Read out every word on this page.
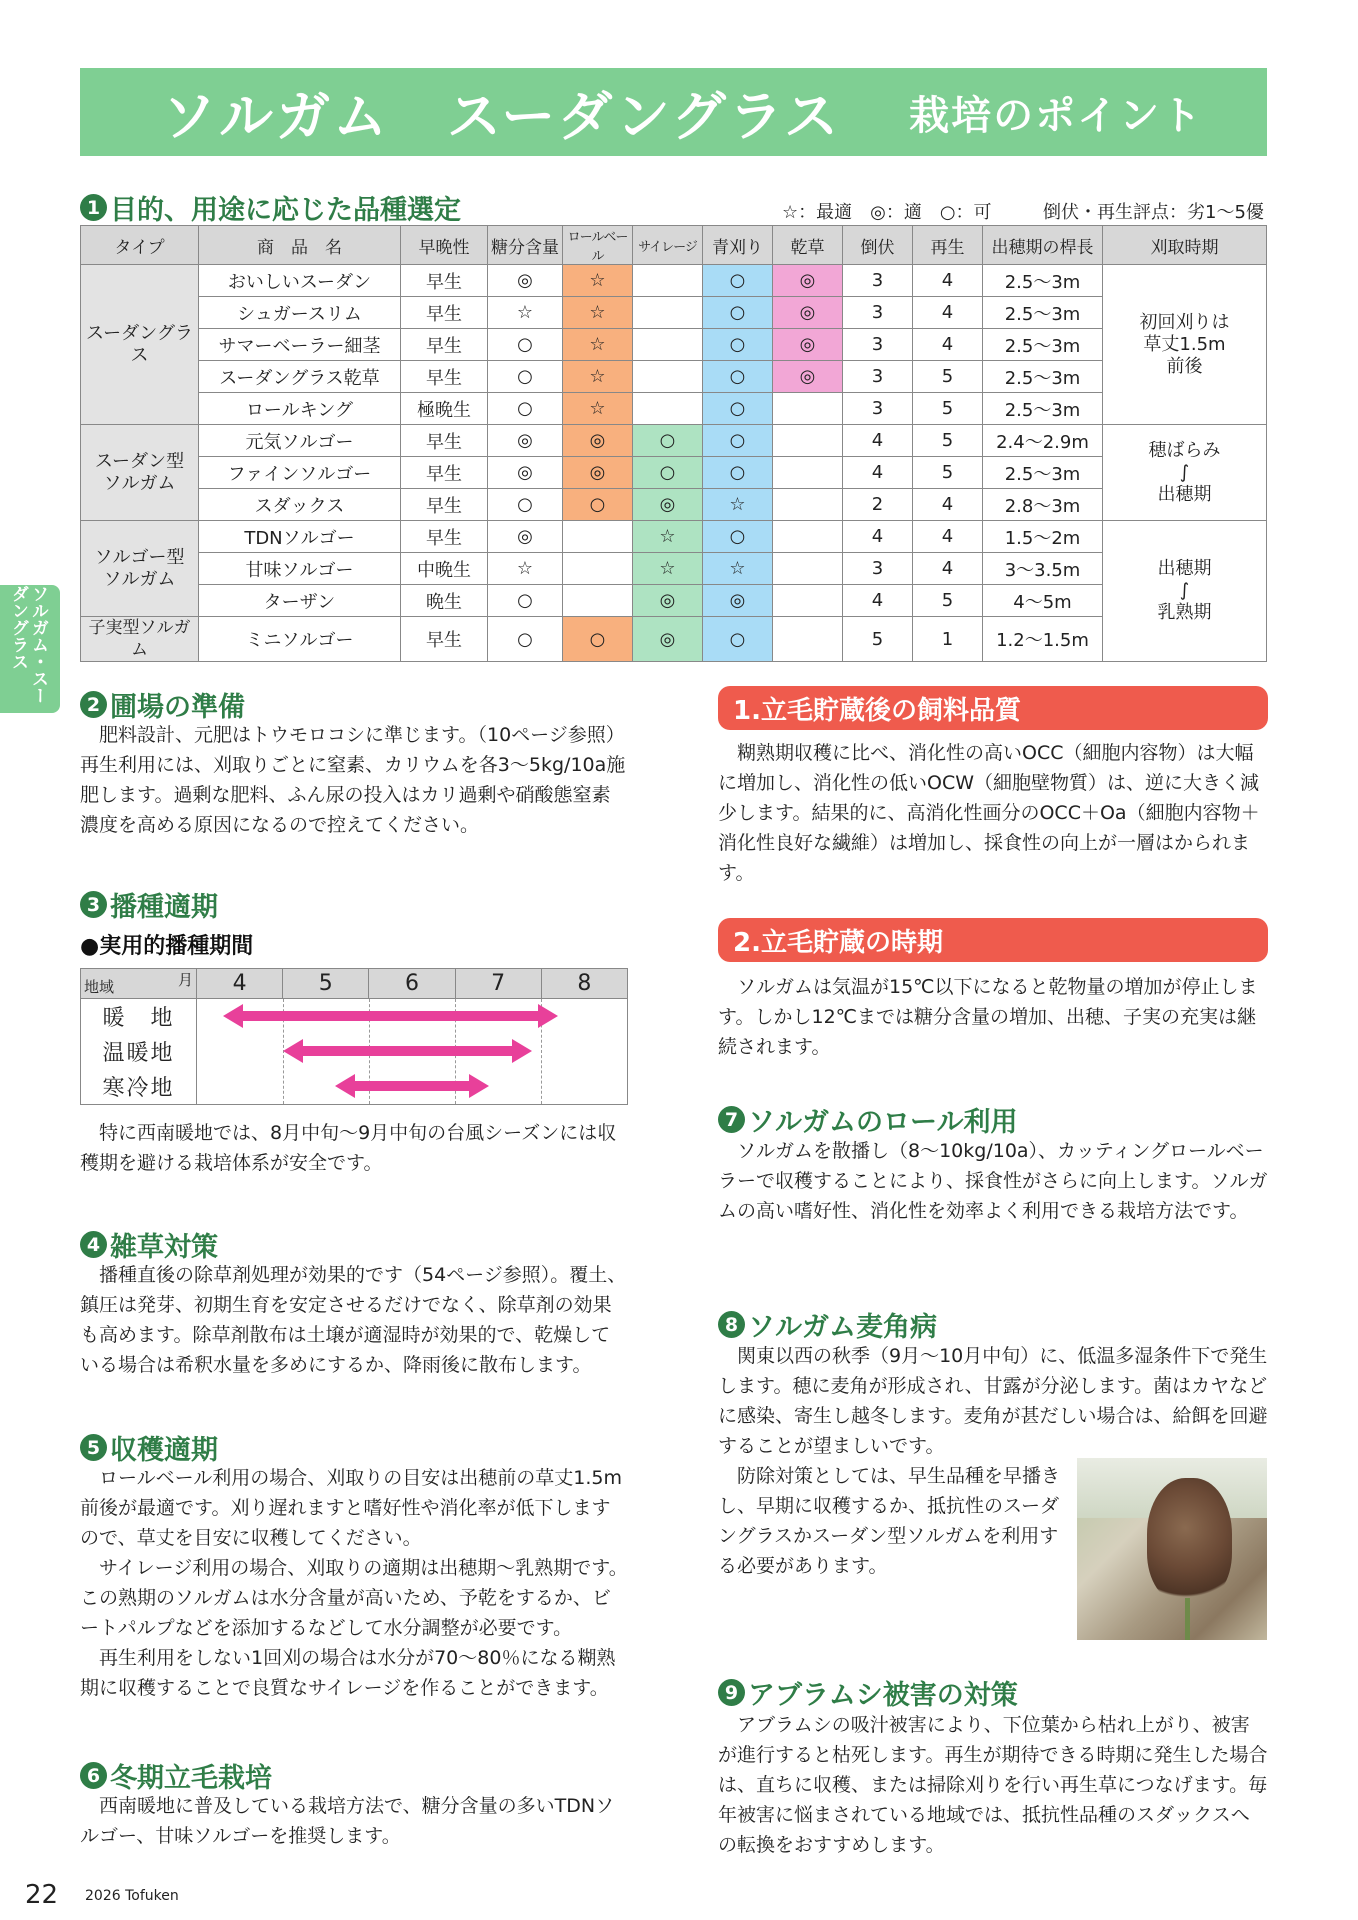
ソルガム　スーダングラス 栽培のポイント
ソルガム・スーダングラス
1 目的、用途に応じた品種選定	☆：最適　◎：適　○：可	倒伏・再生評点：劣1～5優
タイプ	商　品　名	早晩性	糖分含量	ロールベール	サイレージ	青刈り	乾草	倒伏	再生	出穂期の桿長	刈取時期
スーダングラス	おいしいスーダン	早生	◎	☆		○	◎	3	4	2.5～3m	初回刈りは
草丈1.5m
前後
	シュガースリム	早生	☆	☆		○	◎	3	4	2.5～3m	
	サマーベーラー細茎	早生	○	☆		○	◎	3	4	2.5～3m	
	スーダングラス乾草	早生	○	☆		○	◎	3	5	2.5～3m	
	ロールキング	極晩生	○	☆		○		3	5	2.5～3m	
スーダン型
ソルガム	元気ソルゴー	早生	◎	◎	○	○		4	5	2.4～2.9m	穂ばらみ
∫
出穂期
	ファインソルゴー	早生	◎	◎	○	○		4	5	2.5～3m	
	スダックス	早生	○	○	◎	☆		2	4	2.8～3m	
ソルゴー型
ソルガム	TDNソルゴー	早生	◎		☆	○		4	4	1.5～2m	出穂期
∫
乳熟期
	甘味ソルゴー	中晩生	☆		☆	☆		3	4	3～3.5m	
	ターザン	晩生	○		◎	◎		4	5	4～5m	
子実型ソルガム	ミニソルゴー	早生	○	○	◎	○		5	1	1.2～1.5m	
2 圃場の準備
　肥料設計、元肥はトウモロコシに準じます。（10ページ参照）再生利用には、刈取りごとに窒素、カリウムを各3～5kg/10a施肥します。過剰な肥料、ふん尿の投入はカリ過剰や硝酸態窒素濃度を高める原因になるので控えてください。
3 播種適期
●実用的播種期間
地域 月	4	5	6	7	8
暖　地					

温暖地					
寒冷地					
　特に西南暖地では、8月中旬～9月中旬の台風シーズンには収穫期を避ける栽培体系が安全です。
4 雑草対策
　播種直後の除草剤処理が効果的です（54ページ参照）。覆土、鎮圧は発芽、初期生育を安定させるだけでなく、除草剤の効果も高めます。除草剤散布は土壌が適湿時が効果的で、乾燥している場合は希釈水量を多めにするか、降雨後に散布します。
5 収穫適期
　ロールベール利用の場合、刈取りの目安は出穂前の草丈1.5m前後が最適です。刈り遅れますと嗜好性や消化率が低下しますので、草丈を目安に収穫してください。
　サイレージ利用の場合、刈取りの適期は出穂期～乳熟期です。この熟期のソルガムは水分含量が高いため、予乾をするか、ビートパルプなどを添加するなどして水分調整が必要です。
　再生利用をしない1回刈の場合は水分が70～80％になる糊熟期に収穫することで良質なサイレージを作ることができます。
6 冬期立毛栽培
　西南暖地に普及している栽培方法で、糖分含量の多いTDNソルゴー、甘味ソルゴーを推奨します。
1.立毛貯蔵後の飼料品質
　糊熟期収穫に比べ、消化性の高いOCC（細胞内容物）は大幅に増加し、消化性の低いOCW（細胞壁物質）は、逆に大きく減少します。結果的に、高消化性画分のOCC＋Oa（細胞内容物＋消化性良好な繊維）は増加し、採食性の向上が一層はかられます。
2.立毛貯蔵の時期
　ソルガムは気温が15℃以下になると乾物量の増加が停止します。しかし12℃までは糖分含量の増加、出穂、子実の充実は継続されます。
7 ソルガムのロール利用
　ソルガムを散播し（8～10kg/10a）、カッティングロールベーラーで収穫することにより、採食性がさらに向上します。ソルガムの高い嗜好性、消化性を効率よく利用できる栽培方法です。
8 ソルガム麦角病
　関東以西の秋季（9月～10月中旬）に、低温多湿条件下で発生します。穂に麦角が形成され、甘露が分泌します。菌はカヤなどに感染、寄生し越冬します。麦角が甚だしい場合は、給餌を回避することが望ましいです。
　防除対策としては、早生品種を早播きし、早期に収穫するか、抵抗性のスーダングラスかスーダン型ソルガムを利用する必要があります。
9 アブラムシ被害の対策
　アブラムシの吸汁被害により、下位葉から枯れ上がり、被害が進行すると枯死します。再生が期待できる時期に発生した場合は、直ちに収穫、または掃除刈りを行い再生草につなげます。毎年被害に悩まされている地域では、抵抗性品種のスダックスへの転換をおすすめします。
22 2026 Tofuken
